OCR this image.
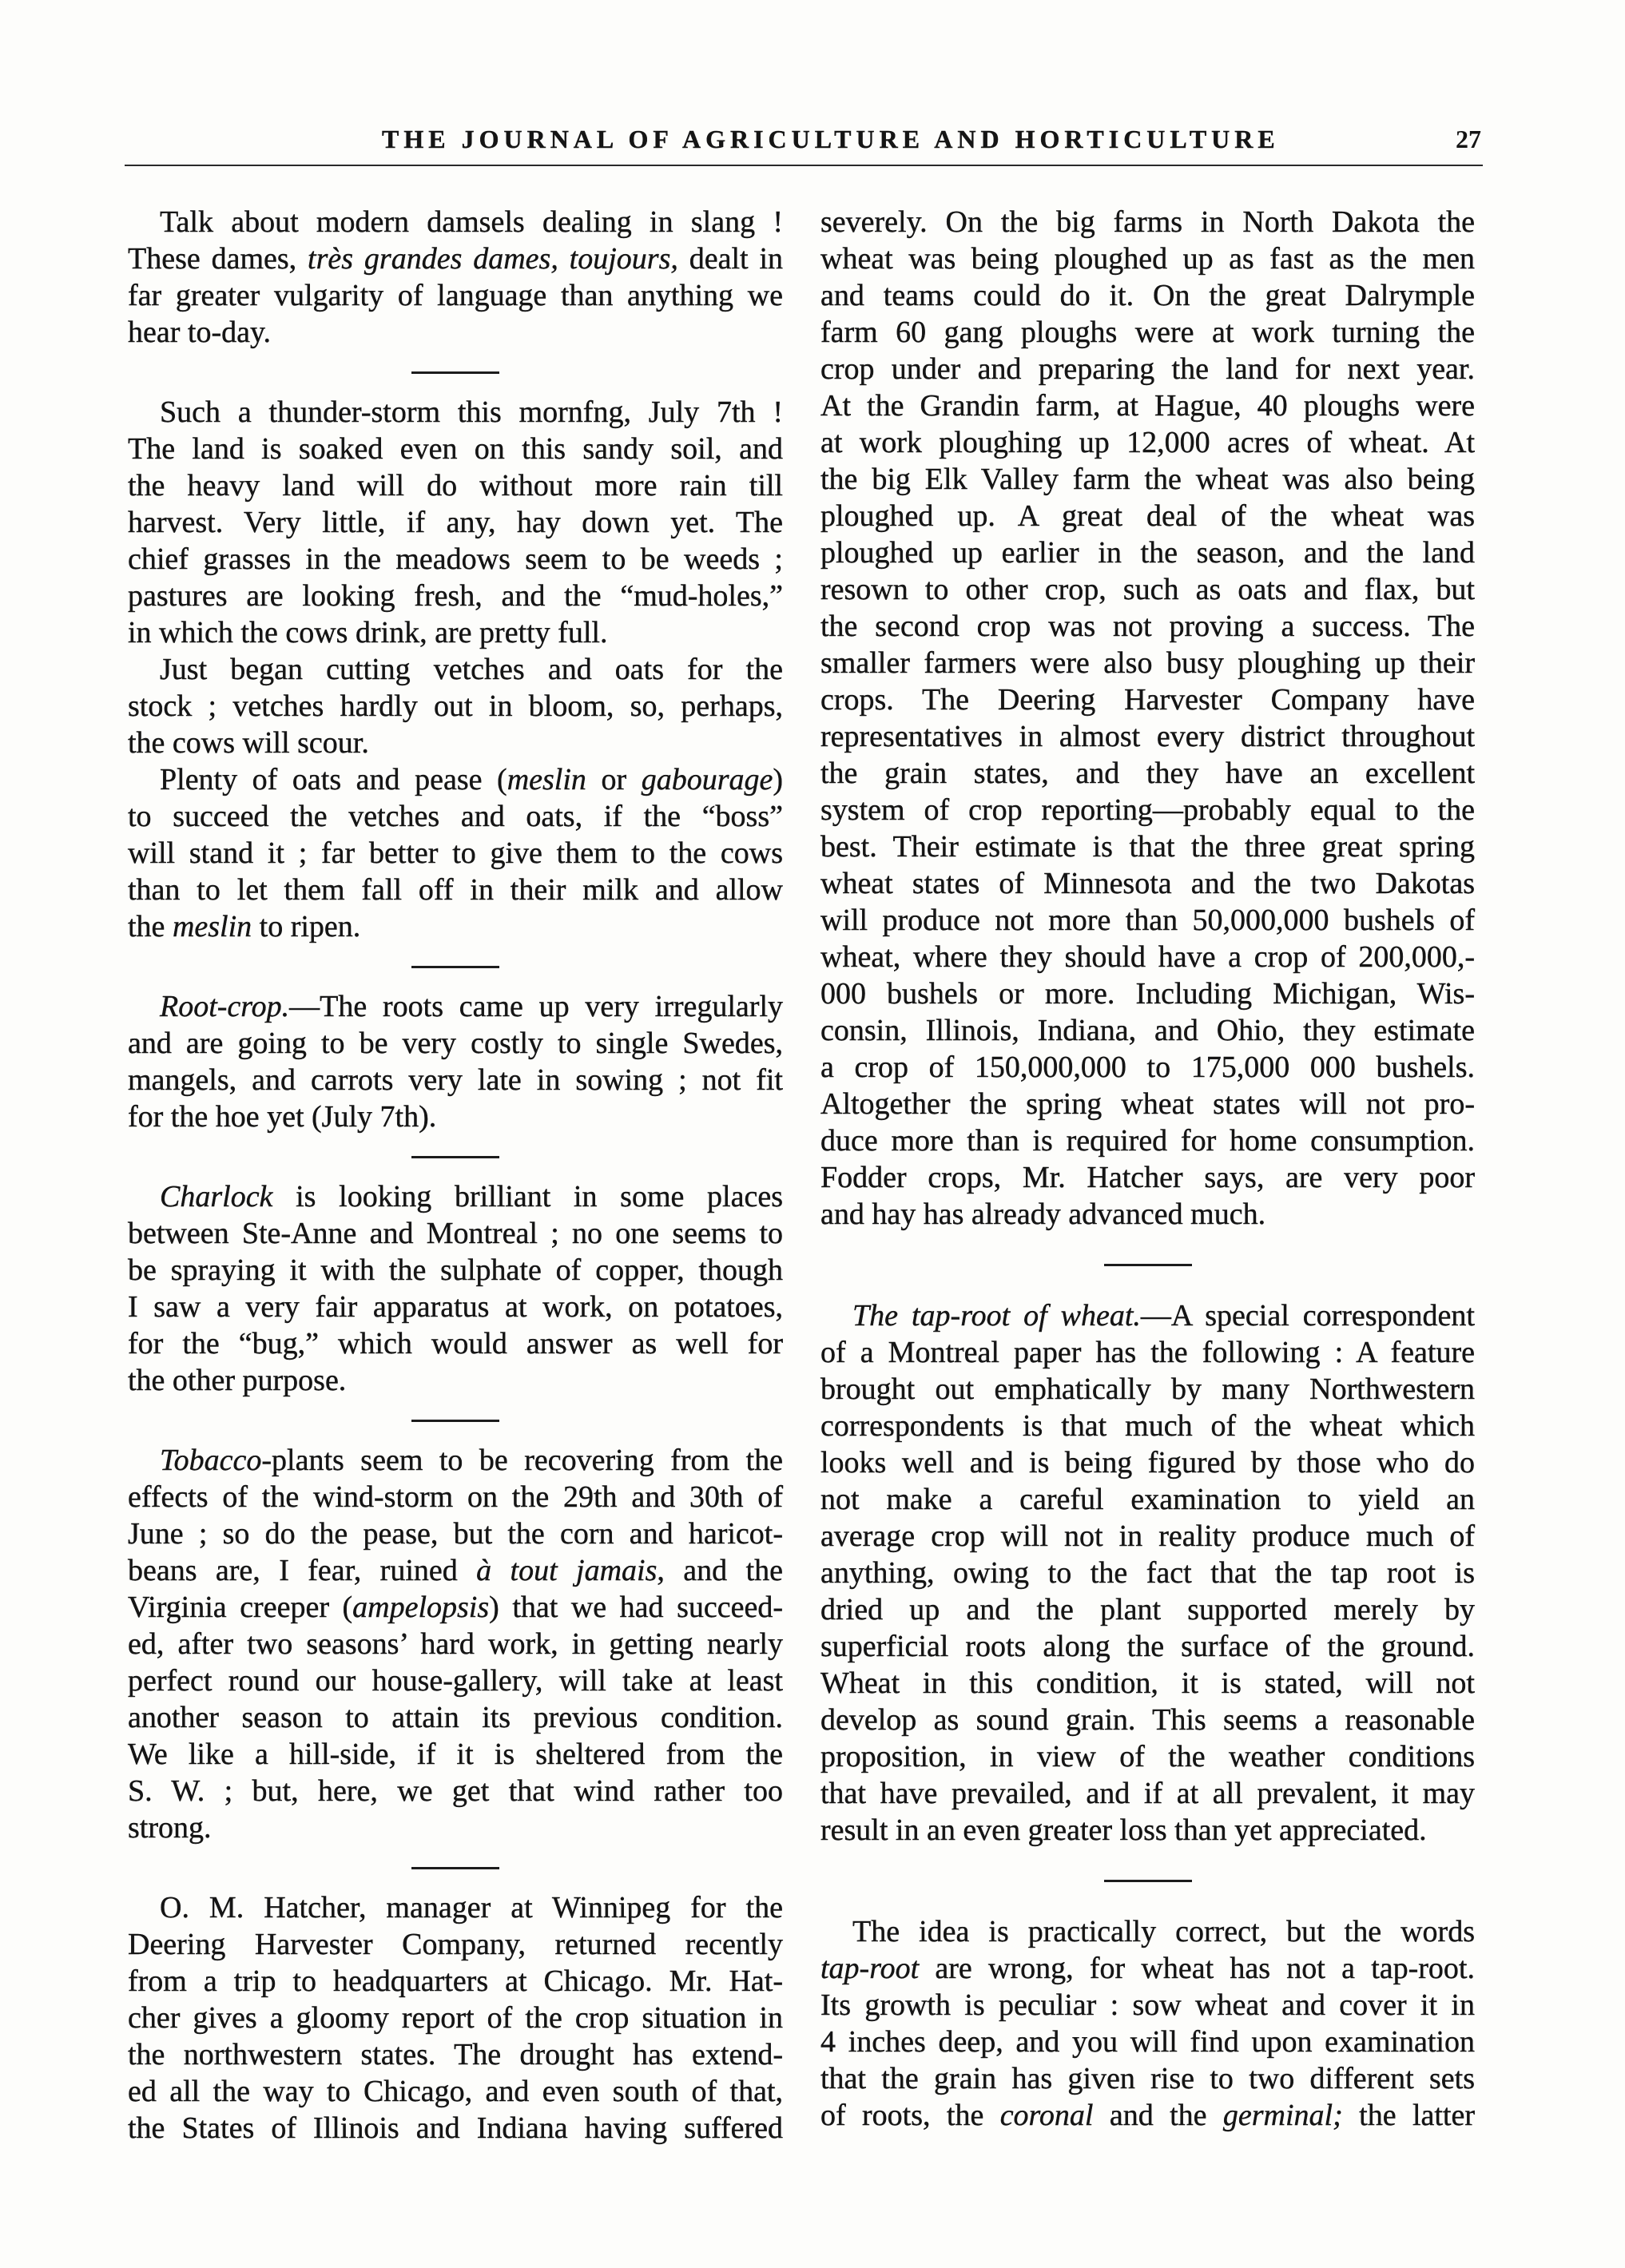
THE JOURNAL OF AGRICULTURE AND HORTICULTURE	27
Talk about modern damsels dealing in slang !
These dames, très grandes dames, toujours, dealt in
far greater vulgarity of language than anything we
hear to-day.
Such a thunder-storm this mornfng, July 7th !
The land is soaked even on this sandy soil, and
the heavy land will do without more rain till
harvest. Very little, if any, hay down yet. The
chief grasses in the meadows seem to be weeds ;
pastures are looking fresh, and the “mud-holes,”
in which the cows drink, are pretty full.
Just began cutting vetches and oats for the
stock ; vetches hardly out in bloom, so, perhaps,
the cows will scour.
Plenty of oats and pease (meslin or gabourage)
to succeed the vetches and oats, if the “boss”
will stand it ; far better to give them to the cows
than to let them fall off in their milk and allow
the meslin to ripen.
Root-crop.—The roots came up very irregularly
and are going to be very costly to single Swedes,
mangels, and carrots very late in sowing ; not fit
for the hoe yet (July 7th).
Charlock is looking brilliant in some places
between Ste-Anne and Montreal ; no one seems to
be spraying it with the sulphate of copper, though
I saw a very fair apparatus at work, on potatoes,
for the “bug,” which would answer as well for
the other purpose.
Tobacco-plants seem to be recovering from the
effects of the wind-storm on the 29th and 30th of
June ; so do the pease, but the corn and haricot-
beans are, I fear, ruined à tout jamais, and the
Virginia creeper (ampelopsis) that we had succeed-
ed, after two seasons’ hard work, in getting nearly
perfect round our house-gallery, will take at least
another season to attain its previous condition.
We like a hill-side, if it is sheltered from the
S. W. ; but, here, we get that wind rather too
strong.
O. M. Hatcher, manager at Winnipeg for the
Deering Harvester Company, returned recently
from a trip to headquarters at Chicago. Mr. Hat-
cher gives a gloomy report of the crop situation in
the northwestern states. The drought has extend-
ed all the way to Chicago, and even south of that,
the States of Illinois and Indiana having suffered
severely. On the big farms in North Dakota the
wheat was being ploughed up as fast as the men
and teams could do it. On the great Dalrymple
farm 60 gang ploughs were at work turning the
crop under and preparing the land for next year.
At the Grandin farm, at Hague, 40 ploughs were
at work ploughing up 12,000 acres of wheat. At
the big Elk Valley farm the wheat was also being
ploughed up. A great deal of the wheat was
ploughed up earlier in the season, and the land
resown to other crop, such as oats and flax, but
the second crop was not proving a success. The
smaller farmers were also busy ploughing up their
crops. The Deering Harvester Company have
representatives in almost every district throughout
the grain states, and they have an excellent
system of crop reporting—probably equal to the
best. Their estimate is that the three great spring
wheat states of Minnesota and the two Dakotas
will produce not more than 50,000,000 bushels of
wheat, where they should have a crop of 200,000,-
000 bushels or more. Including Michigan, Wis-
consin, Illinois, Indiana, and Ohio, they estimate
a crop of 150,000,000 to 175,000 000 bushels.
Altogether the spring wheat states will not pro-
duce more than is required for home consumption.
Fodder crops, Mr. Hatcher says, are very poor
and hay has already advanced much.
The tap-root of wheat.—A special correspondent
of a Montreal paper has the following : A feature
brought out emphatically by many Northwestern
correspondents is that much of the wheat which
looks well and is being figured by those who do
not make a careful examination to yield an
average crop will not in reality produce much of
anything, owing to the fact that the tap root is
dried up and the plant supported merely by
superficial roots along the surface of the ground.
Wheat in this condition, it is stated, will not
develop as sound grain. This seems a reasonable
proposition, in view of the weather conditions
that have prevailed, and if at all prevalent, it may
result in an even greater loss than yet appreciated.
The idea is practically correct, but the words
tap-root are wrong, for wheat has not a tap-root.
Its growth is peculiar : sow wheat and cover it in
4 inches deep, and you will find upon examination
that the grain has given rise to two different sets
of roots, the coronal and the germinal; the latter
